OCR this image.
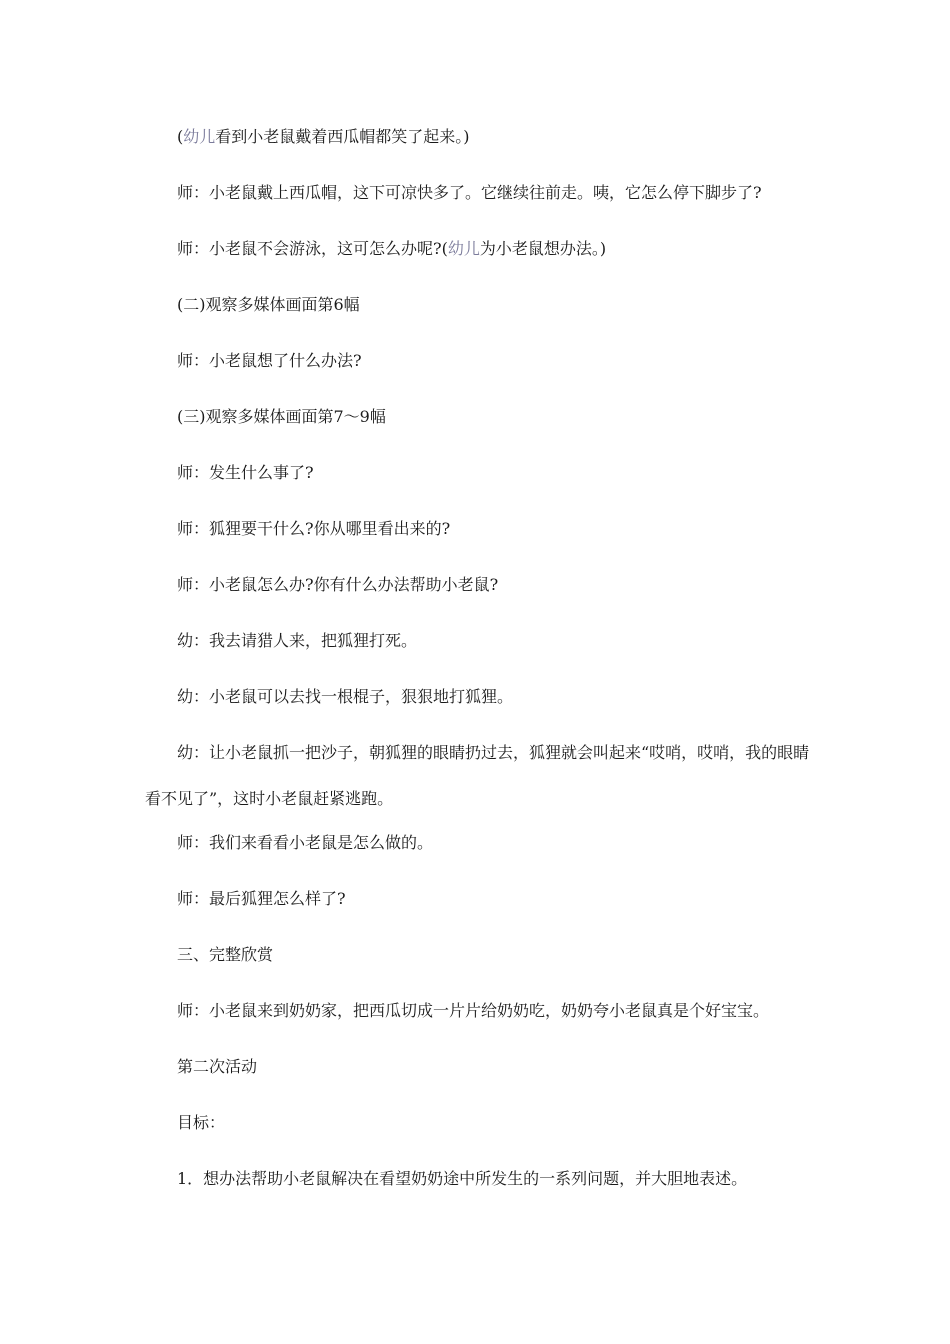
(幼儿看到小老鼠戴着西瓜帽都笑了起来。)

师：小老鼠戴上西瓜帽，这下可凉快多了。它继续往前走。咦，它怎么停下脚步了?

师：小老鼠不会游泳，这可怎么办呢?(幼儿为小老鼠想办法。)

(二)观察多媒体画面第6幅

师：小老鼠想了什么办法?

(三)观察多媒体画面第7～9幅

师：发生什么事了?

师：狐狸要干什么?你从哪里看出来的?

师：小老鼠怎么办?你有什么办法帮助小老鼠?

幼：我去请猎人来，把狐狸打死。

幼：小老鼠可以去找一根棍子，狠狠地打狐狸。

幼：让小老鼠抓一把沙子，朝狐狸的眼睛扔过去，狐狸就会叫起来“哎哨，哎哨，我的眼睛看不见了”，这时小老鼠赶紧逃跑。

师：我们来看看小老鼠是怎么做的。

师：最后狐狸怎么样了?

三、完整欣赏

师：小老鼠来到奶奶家，把西瓜切成一片片给奶奶吃，奶奶夸小老鼠真是个好宝宝。

第二次活动

目标：

1．想办法帮助小老鼠解决在看望奶奶途中所发生的一系列问题，并大胆地表述。
